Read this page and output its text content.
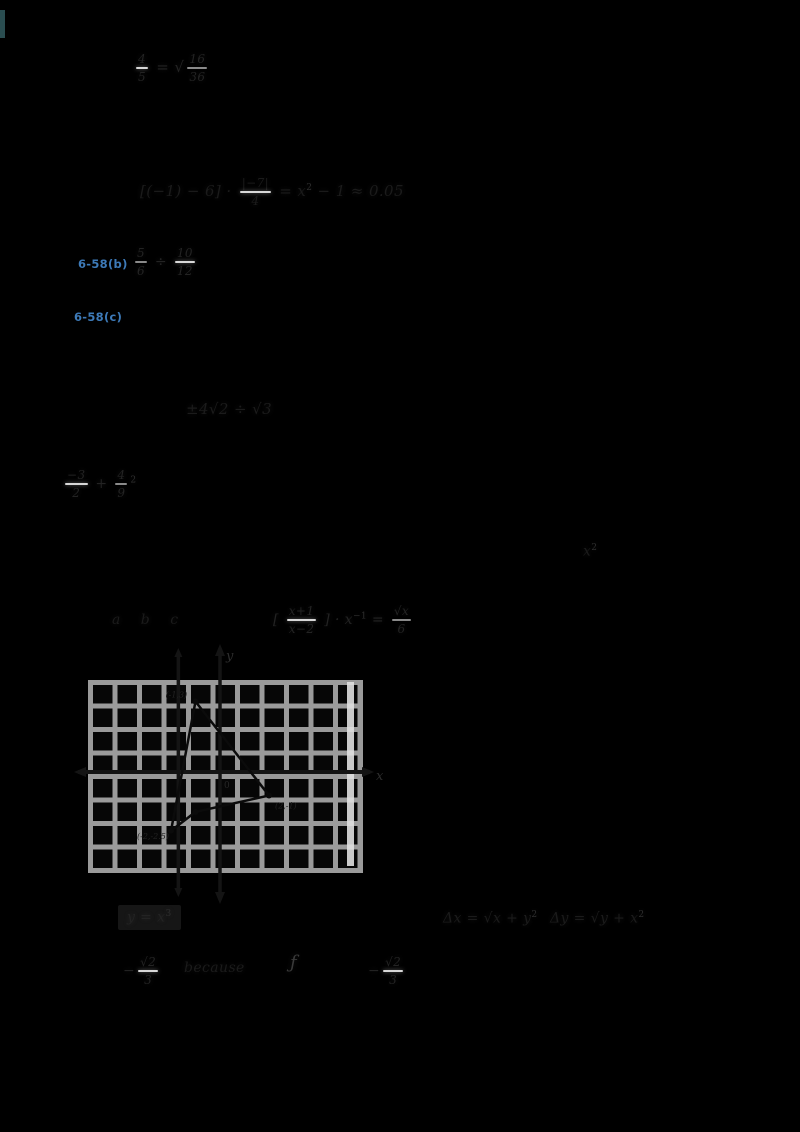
$\frac{4}{5}$ = √ $\frac{16}{36}$
$[(-1) - 6] \cdot \frac{|-7|}{4} = x^2 - 1 \approx 0.05$
$6-58(b) \frac{5}{6} \div \frac{10}{12}$
6-58(c)
±4√2 ÷ √3
$\frac{-3}{2} + \frac{4}{9} ^2$
$x^2$
a b c	[ $\frac{x+1}{x-2}$ ] · $x^{-1} = \frac{√x}{6}$
x
y
0
(-1,3)
(2,-1)
(-2,-2.5)
$y = x^3$	$\Delta x = √x + y^2$ $\Delta y = √y + x^2$
− $\frac{√2}{3}$ because	ƒ	− $\frac{√2}{3}$
